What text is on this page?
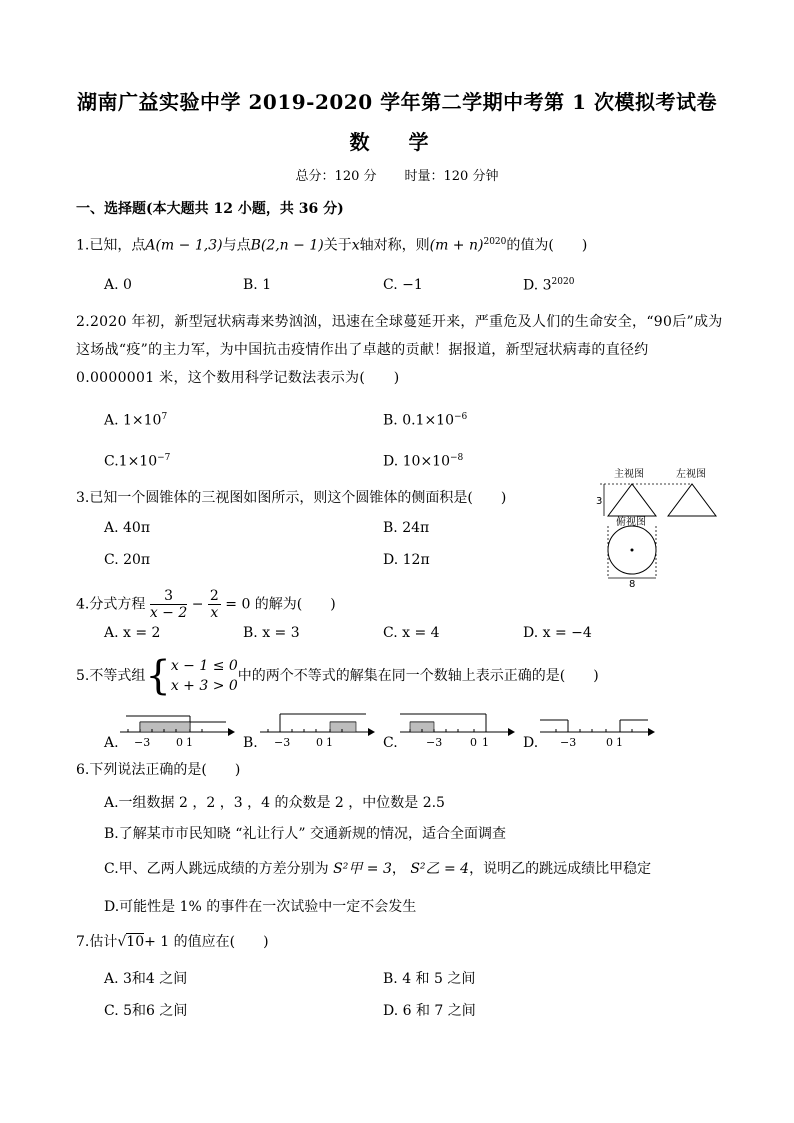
湖南广益实验中学 2019-2020 学年第二学期中考第 1 次模拟考试卷
数 学
总分：120 分 时量：120 分钟
一、选择题(本大题共 12 小题，共 36 分)
1.已知，点A(m − 1,3)与点B(2,n − 1)关于x轴对称，则$(m + n)^{2020}$的值为(　　)
A. 0	B. 1	C. −1	D. $3^{2020}$
2.2020 年初，新型冠状病毒来势汹汹，迅速在全球蔓延开来，严重危及人们的生命安全，“90后”成为这场战“疫”的主力军，为中国抗击疫情作出了卓越的贡献！据报道，新型冠状病毒的直径约 0.0000001 米，这个数用科学记数法表示为(　　)
A. $1\times 10^7$	B. $0.1\times 10^{-6}$
$C.1\times 10^{-7}$	D. $10\times 10^{-8}$
3.已知一个圆锥体的三视图如图所示，则这个圆锥体的侧面积是(　　)
A. 40π	B. 24π
C. 20π	D. 12π
主视图	左视图
3
俯视图
8
4.分式方程 $\frac{3}{x - 2} - \frac{2}{x} = 0$ 的解为(　　)
A. x = 2	B. x = 3	C. x = 4	D. x = −4
5.不等式组{ x − 1 ≤ 0
x + 3 > 0
中的两个不等式的解集在同一个数轴上表示正确的是(　　)
A.	B.	C.	D.
−3 0 1	−3 0 1	−3	0 1	−3	0 1
6.下列说法正确的是(　　)
A.一组数据 2 ，2 ，3 ，4 的众数是 2 ，中位数是 2.5
B.了解某市市民知晓 “礼让行人” 交通新规的情况，适合全面调查
C.甲、乙两人跳远成绩的方差分别为 S²甲 = 3， S²乙 = 4，说明乙的跳远成绩比甲稳定
D.可能性是 1% 的事件在一次试验中一定不会发生
7.估计√10+ 1 的值应在(　　)
A. 3和4 之间	B. 4 和 5 之间
C. 5和6 之间	D. 6 和 7 之间
